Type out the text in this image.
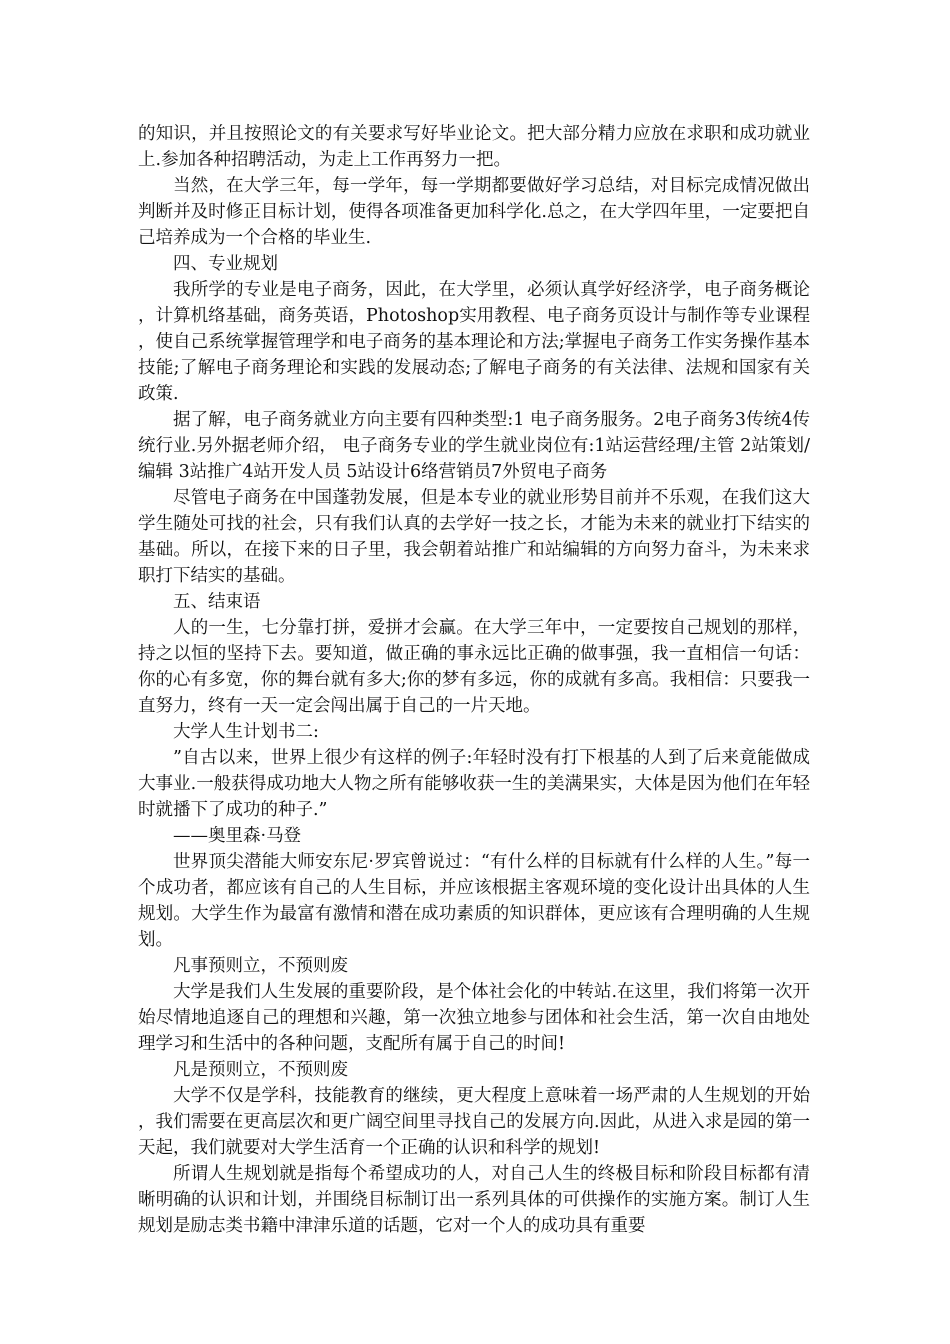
的知识，并且按照论文的有关要求写好毕业论文。把大部分精力应放在求职和成功就业上.参加各种招聘活动，为走上工作再努力一把。

当然，在大学三年，每一学年，每一学期都要做好学习总结，对目标完成情况做出判断并及时修正目标计划，使得各项准备更加科学化.总之，在大学四年里，一定要把自己培养成为一个合格的毕业生.

四、专业规划

我所学的专业是电子商务，因此，在大学里，必须认真学好经济学，电子商务概论，计算机络基础，商务英语，Photoshop实用教程、电子商务页设计与制作等专业课程，使自己系统掌握管理学和电子商务的基本理论和方法;掌握电子商务工作实务操作基本技能;了解电子商务理论和实践的发展动态;了解电子商务的有关法律、法规和国家有关政策.

据了解，电子商务就业方向主要有四种类型:1 电子商务服务。2电子商务3传统4传统行业.另外据老师介绍， 电子商务专业的学生就业岗位有:1站运营经理/主管 2站策划/编辑 3站推广4站开发人员 5站设计6络营销员7外贸电子商务

尽管电子商务在中国蓬勃发展，但是本专业的就业形势目前并不乐观，在我们这大学生随处可找的社会，只有我们认真的去学好一技之长，才能为未来的就业打下结实的基础。所以，在接下来的日子里，我会朝着站推广和站编辑的方向努力奋斗，为未来求职打下结实的基础。

五、结束语

人的一生，七分靠打拼，爱拼才会赢。在大学三年中，一定要按自己规划的那样，持之以恒的坚持下去。要知道，做正确的事永远比正确的做事强，我一直相信一句话：你的心有多宽，你的舞台就有多大;你的梦有多远，你的成就有多高。我相信：只要我一直努力，终有一天一定会闯出属于自己的一片天地。

大学人生计划书二:

”自古以来，世界上很少有这样的例子:年轻时没有打下根基的人到了后来竟能做成大事业.一般获得成功地大人物之所有能够收获一生的美满果实，大体是因为他们在年轻时就播下了成功的种子.”

——奥里森·马登

世界顶尖潜能大师安东尼·罗宾曾说过：“有什么样的目标就有什么样的人生。”每一个成功者，都应该有自己的人生目标，并应该根据主客观环境的变化设计出具体的人生规划。大学生作为最富有激情和潜在成功素质的知识群体，更应该有合理明确的人生规划。

凡事预则立，不预则废

大学是我们人生发展的重要阶段，是个体社会化的中转站.在这里，我们将第一次开始尽情地追逐自己的理想和兴趣，第一次独立地参与团体和社会生活，第一次自由地处理学习和生活中的各种问题，支配所有属于自己的时间!

凡是预则立，不预则废

大学不仅是学科，技能教育的继续，更大程度上意味着一场严肃的人生规划的开始，我们需要在更高层次和更广阔空间里寻找自己的发展方向.因此，从进入求是园的第一天起，我们就要对大学生活育一个正确的认识和科学的规划!

所谓人生规划就是指每个希望成功的人，对自己人生的终极目标和阶段目标都有清晰明确的认识和计划，并围绕目标制订出一系列具体的可供操作的实施方案。制订人生规划是励志类书籍中津津乐道的话题，它对一个人的成功具有重要
